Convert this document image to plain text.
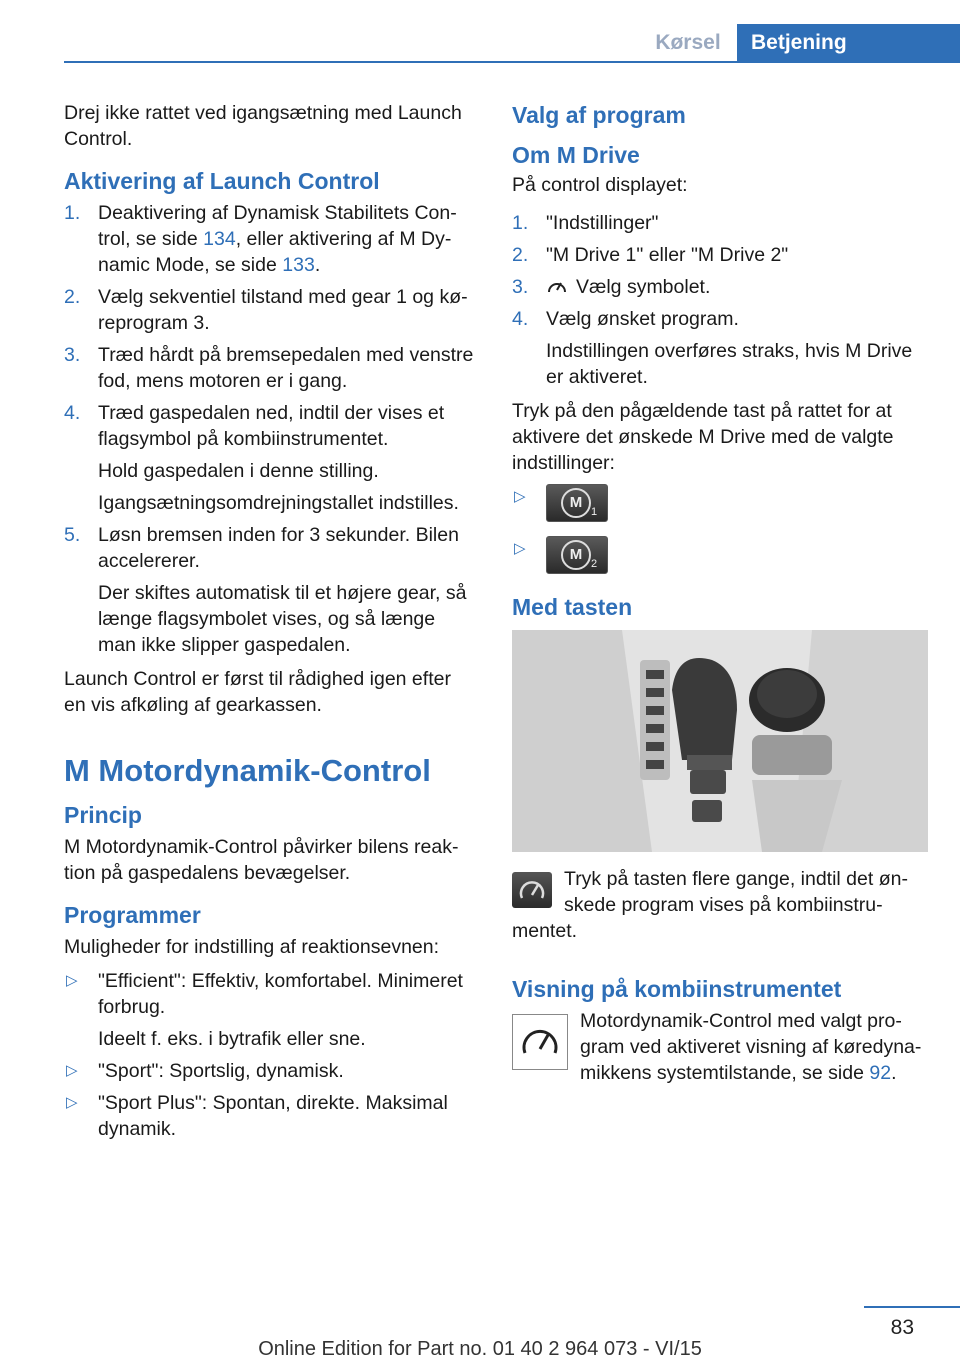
Kørsel	Betjening

Drej ikke rattet ved igangsætning med Launch Control.

Aktivering af Launch Control
1. Deaktivering af Dynamisk Stabilitets Control, se side 134, eller aktivering af M Dynamic Mode, se side 133.
2. Vælg sekventiel tilstand med gear 1 og køreprogram 3.
3. Træd hårdt på bremsepedalen med venstre fod, mens motoren er i gang.
4. Træd gaspedalen ned, indtil der vises et flagsymbol på kombiinstrumentet.
Hold gaspedalen i denne stilling.
Igangsætningsomdrejningstallet indstilles.
5. Løsn bremsen inden for 3 sekunder. Bilen accelererer.
Der skiftes automatisk til et højere gear, så længe flagsymbolet vises, og så længe man ikke slipper gaspedalen.

Launch Control er først til rådighed igen efter en vis afkøling af gearkassen.

M Motordynamik-Control
Princip

M Motordynamik-Control påvirker bilens reaktion på gaspedalens bevægelser.

Programmer

Muligheder for indstilling af reaktionsevnen:

▷ "Efficient": Effektiv, komfortabel. Minimeret forbrug.
Ideelt f. eks. i bytrafik eller sne.
▷ "Sport": Sportslig, dynamisk.
▷ "Sport Plus": Spontan, direkte. Maksimal dynamik.
Valg af program
Om M Drive

På control displayet:

1. "Indstillinger"
2. "M Drive 1" eller "M Drive 2"
3. Vælg symbolet.
4. Vælg ønsket program.
Indstillingen overføres straks, hvis M Drive er aktiveret.

Tryk på den pågældende tast på rattet for at aktivere det ønskede M Drive med de valgte indstillinger:

▷	M
1
▷	M
2
Med tasten

Tryk på tasten flere gange, indtil det ønskede program vises på kombiinstrumentet.

Visning på kombiinstrumentet

Motordynamik-Control med valgt program ved aktiveret visning af køredynamikkens systemtilstande, se side 92.

83
Online Edition for Part no. 01 40 2 964 073 - VI/15
